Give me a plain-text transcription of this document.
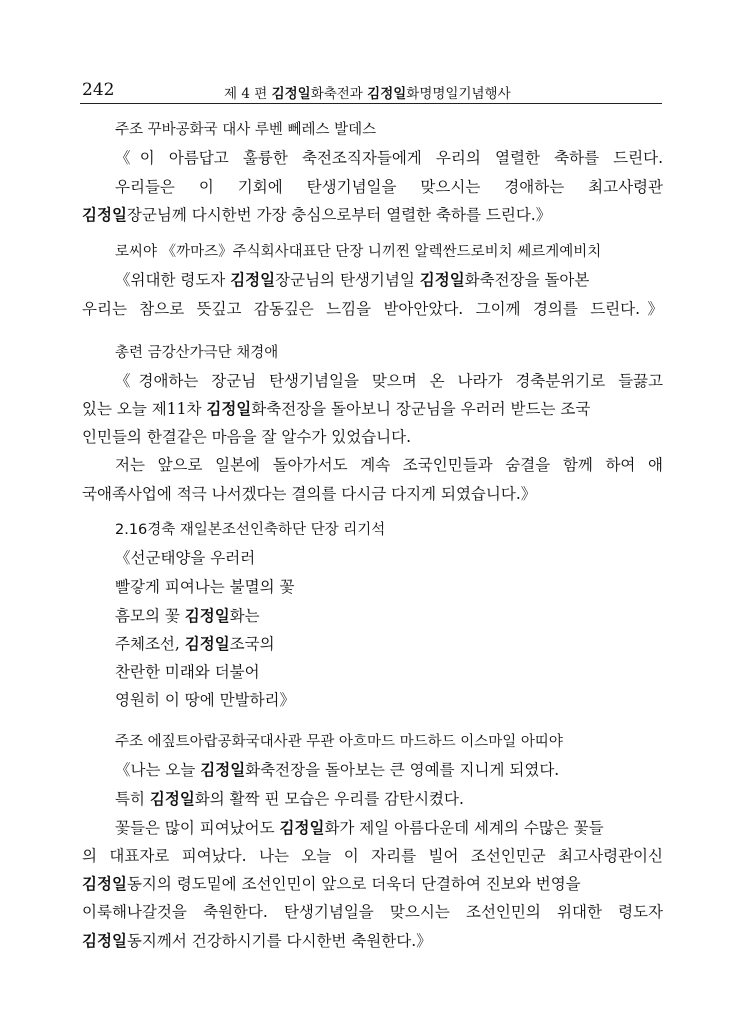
242	제 4 편 김정일화축전과 김정일화명명일기념행사
주조 꾸바공화국 대사 루벤 뻬레스 발데스
《이 아름답고 훌륭한 축전조직자들에게 우리의 열렬한 축하를 드린다.
우리들은 이 기회에 탄생기념일을 맞으시는 경애하는 최고사령관
김정일장군님께 다시한번 가장 충심으로부터 열렬한 축하를 드린다.》
로씨야 《까마즈》주식회사대표단 단장 니끼찐 알렉싼드로비치 쎄르게예비치
《위대한 령도자 김정일장군님의 탄생기념일 김정일화축전장을 돌아본
우리는 참으로 뜻깊고 감동깊은 느낌을 받아안았다. 그이께 경의를 드린다.》
총련 금강산가극단 채경애
《경애하는 장군님 탄생기념일을 맞으며 온 나라가 경축분위기로 들끓고
있는 오늘 제11차 김정일화축전장을 돌아보니 장군님을 우러러 받드는 조국
인민들의 한결같은 마음을 잘 알수가 있었습니다.
저는 앞으로 일본에 돌아가서도 계속 조국인민들과 숨결을 함께 하여 애
국애족사업에 적극 나서겠다는 결의를 다시금 다지게 되였습니다.》
2.16경축 재일본조선인축하단 단장 리기석
《선군태양을 우러러
빨갛게 피여나는 불멸의 꽃
흠모의 꽃 김정일화는
주체조선, 김정일조국의
찬란한 미래와 더불어
영원히 이 땅에 만발하리》
주조 에짚트아랍공화국대사관 무관 아흐마드 마드하드 이스마일 아띠야
《나는 오늘 김정일화축전장을 돌아보는 큰 영예를 지니게 되였다.
특히 김정일화의 활짝 핀 모습은 우리를 감탄시켰다.
꽃들은 많이 피여났어도 김정일화가 제일 아름다운데 세계의 수많은 꽃들
의 대표자로 피여났다. 나는 오늘 이 자리를 빌어 조선인민군 최고사령관이신
김정일동지의 령도밑에 조선인민이 앞으로 더욱더 단결하여 진보와 번영을
이룩해나갈것을 축원한다. 탄생기념일을 맞으시는 조선인민의 위대한 령도자
김정일동지께서 건강하시기를 다시한번 축원한다.》
